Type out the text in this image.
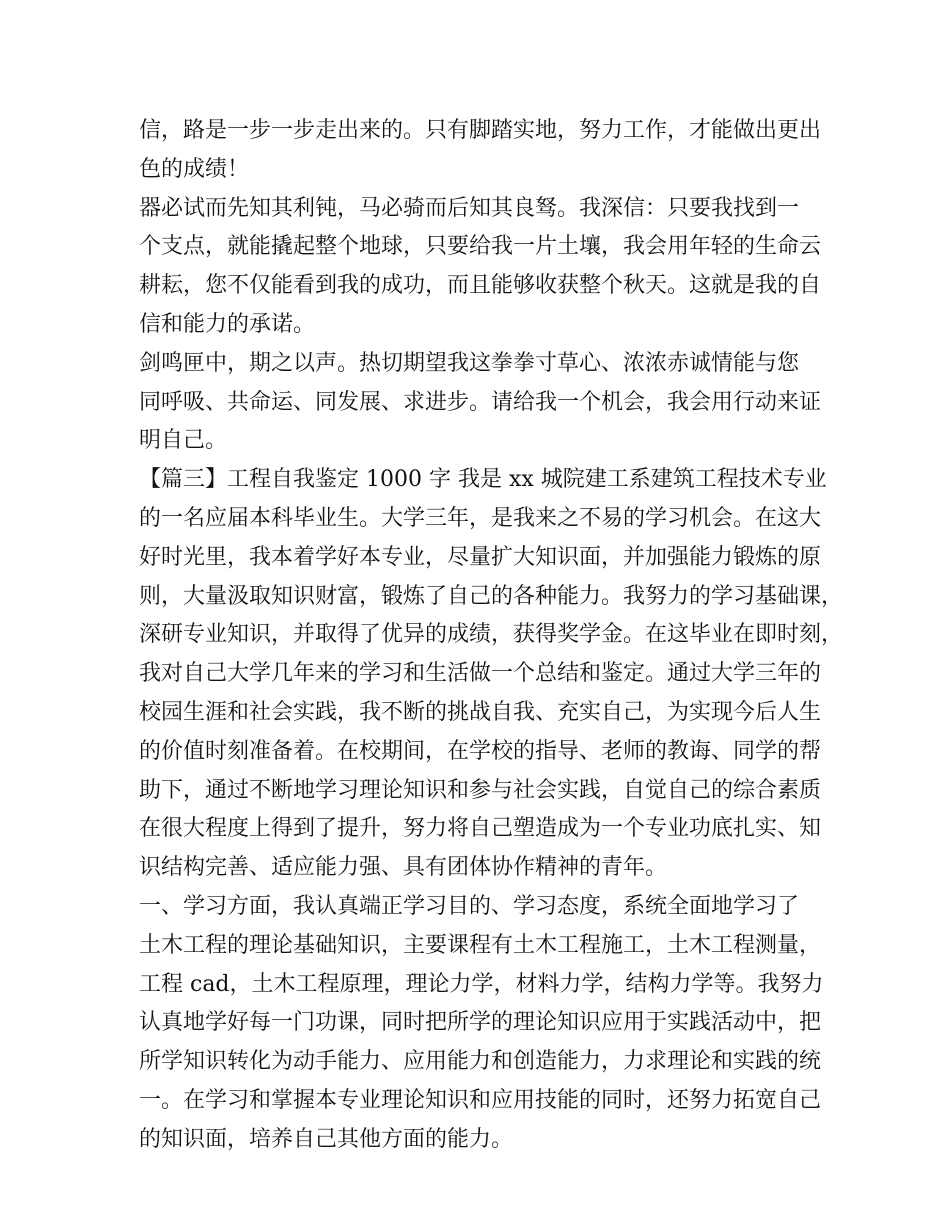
信，路是一步一步走出来的。只有脚踏实地，努力工作，才能做出更出
色的成绩！
器必试而先知其利钝，马必骑而后知其良驽。我深信：只要我找到一
个支点，就能撬起整个地球，只要给我一片土壤，我会用年轻的生命云
耕耘，您不仅能看到我的成功，而且能够收获整个秋天。这就是我的自
信和能力的承诺。
剑鸣匣中，期之以声。热切期望我这拳拳寸草心、浓浓赤诚情能与您
同呼吸、共命运、同发展、求进步。请给我一个机会，我会用行动来证
明自己。
【篇三】工程自我鉴定 1000 字 我是 xx 城院建工系建筑工程技术专业
的一名应届本科毕业生。大学三年，是我来之不易的学习机会。在这大
好时光里，我本着学好本专业，尽量扩大知识面，并加强能力锻炼的原
则，大量汲取知识财富，锻炼了自己的各种能力。我努力的学习基础课，
深研专业知识，并取得了优异的成绩，获得奖学金。在这毕业在即时刻，
我对自己大学几年来的学习和生活做一个总结和鉴定。通过大学三年的
校园生涯和社会实践，我不断的挑战自我、充实自己，为实现今后人生
的价值时刻准备着。在校期间，在学校的指导、老师的教诲、同学的帮
助下，通过不断地学习理论知识和参与社会实践，自觉自己的综合素质
在很大程度上得到了提升，努力将自己塑造成为一个专业功底扎实、知
识结构完善、适应能力强、具有团体协作精神的青年。
一、学习方面，我认真端正学习目的、学习态度，系统全面地学习了
土木工程的理论基础知识，主要课程有土木工程施工，土木工程测量，
工程 cad，土木工程原理，理论力学，材料力学，结构力学等。我努力
认真地学好每一门功课，同时把所学的理论知识应用于实践活动中，把
所学知识转化为动手能力、应用能力和创造能力，力求理论和实践的统
一。在学习和掌握本专业理论知识和应用技能的同时，还努力拓宽自己
的知识面，培养自己其他方面的能力。
